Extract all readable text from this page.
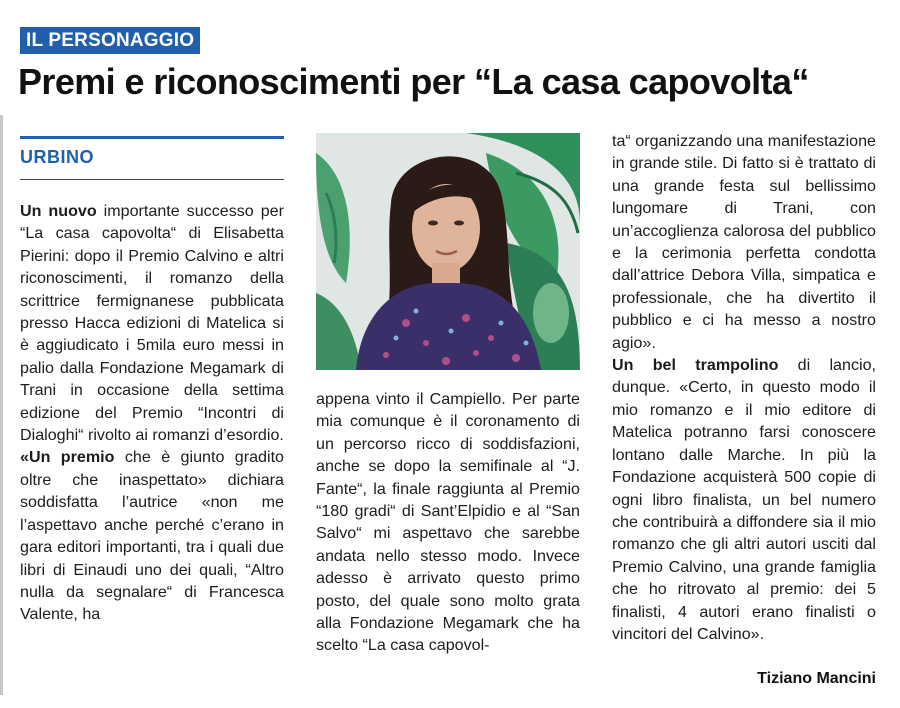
IL PERSONAGGIO
Premi e riconoscimenti per “La casa capovolta“
URBINO

Un nuovo importante successo per “La casa capovolta“ di Elisabetta Pierini: dopo il Premio Calvino e altri riconoscimenti, il romanzo della scrittrice fermignanese pubblicata presso Hacca edizioni di Matelica si è aggiudicato i 5mila euro messi in palio dalla Fondazione Megamark di Trani in occasione della settima edizione del Premio “Incontri di Dialoghi“ rivolto ai romanzi d’esordio.

«Un premio che è giunto gradito oltre che inaspettato» dichiara soddisfatta l’autrice «non me l’aspettavo anche perché c’erano in gara editori importanti, tra i quali due libri di Einaudi uno dei quali, “Altro nulla da segnalare“ di Francesca Valente, ha

appena vinto il Campiello. Per parte mia comunque è il coronamento di un percorso ricco di soddisfazioni, anche se dopo la semifinale al “J. Fante“, la finale raggiunta al Premio “180 gradi“ di Sant’Elpidio e al “San Salvo“ mi aspettavo che sarebbe andata nello stesso modo. Invece adesso è arrivato questo primo posto, del quale sono molto grata alla Fondazione Megamark che ha scelto “La casa capovol-

ta“ organizzando una manifestazione in grande stile. Di fatto si è trattato di una grande festa sul bellissimo lungomare di Trani, con un’accoglienza calorosa del pubblico e la cerimonia perfetta condotta dall’attrice Debora Villa, simpatica e professionale, che ha divertito il pubblico e ci ha messo a nostro agio».

Un bel trampolino di lancio, dunque. «Certo, in questo modo il mio romanzo e il mio editore di Matelica potranno farsi conoscere lontano dalle Marche. In più la Fondazione acquisterà 500 copie di ogni libro finalista, un bel numero che contribuirà a diffondere sia il mio romanzo che gli altri autori usciti dal Premio Calvino, una grande famiglia che ho ritrovato al premio: dei 5 finalisti, 4 autori erano finalisti o vincitori del Calvino».

Tiziano Mancini
